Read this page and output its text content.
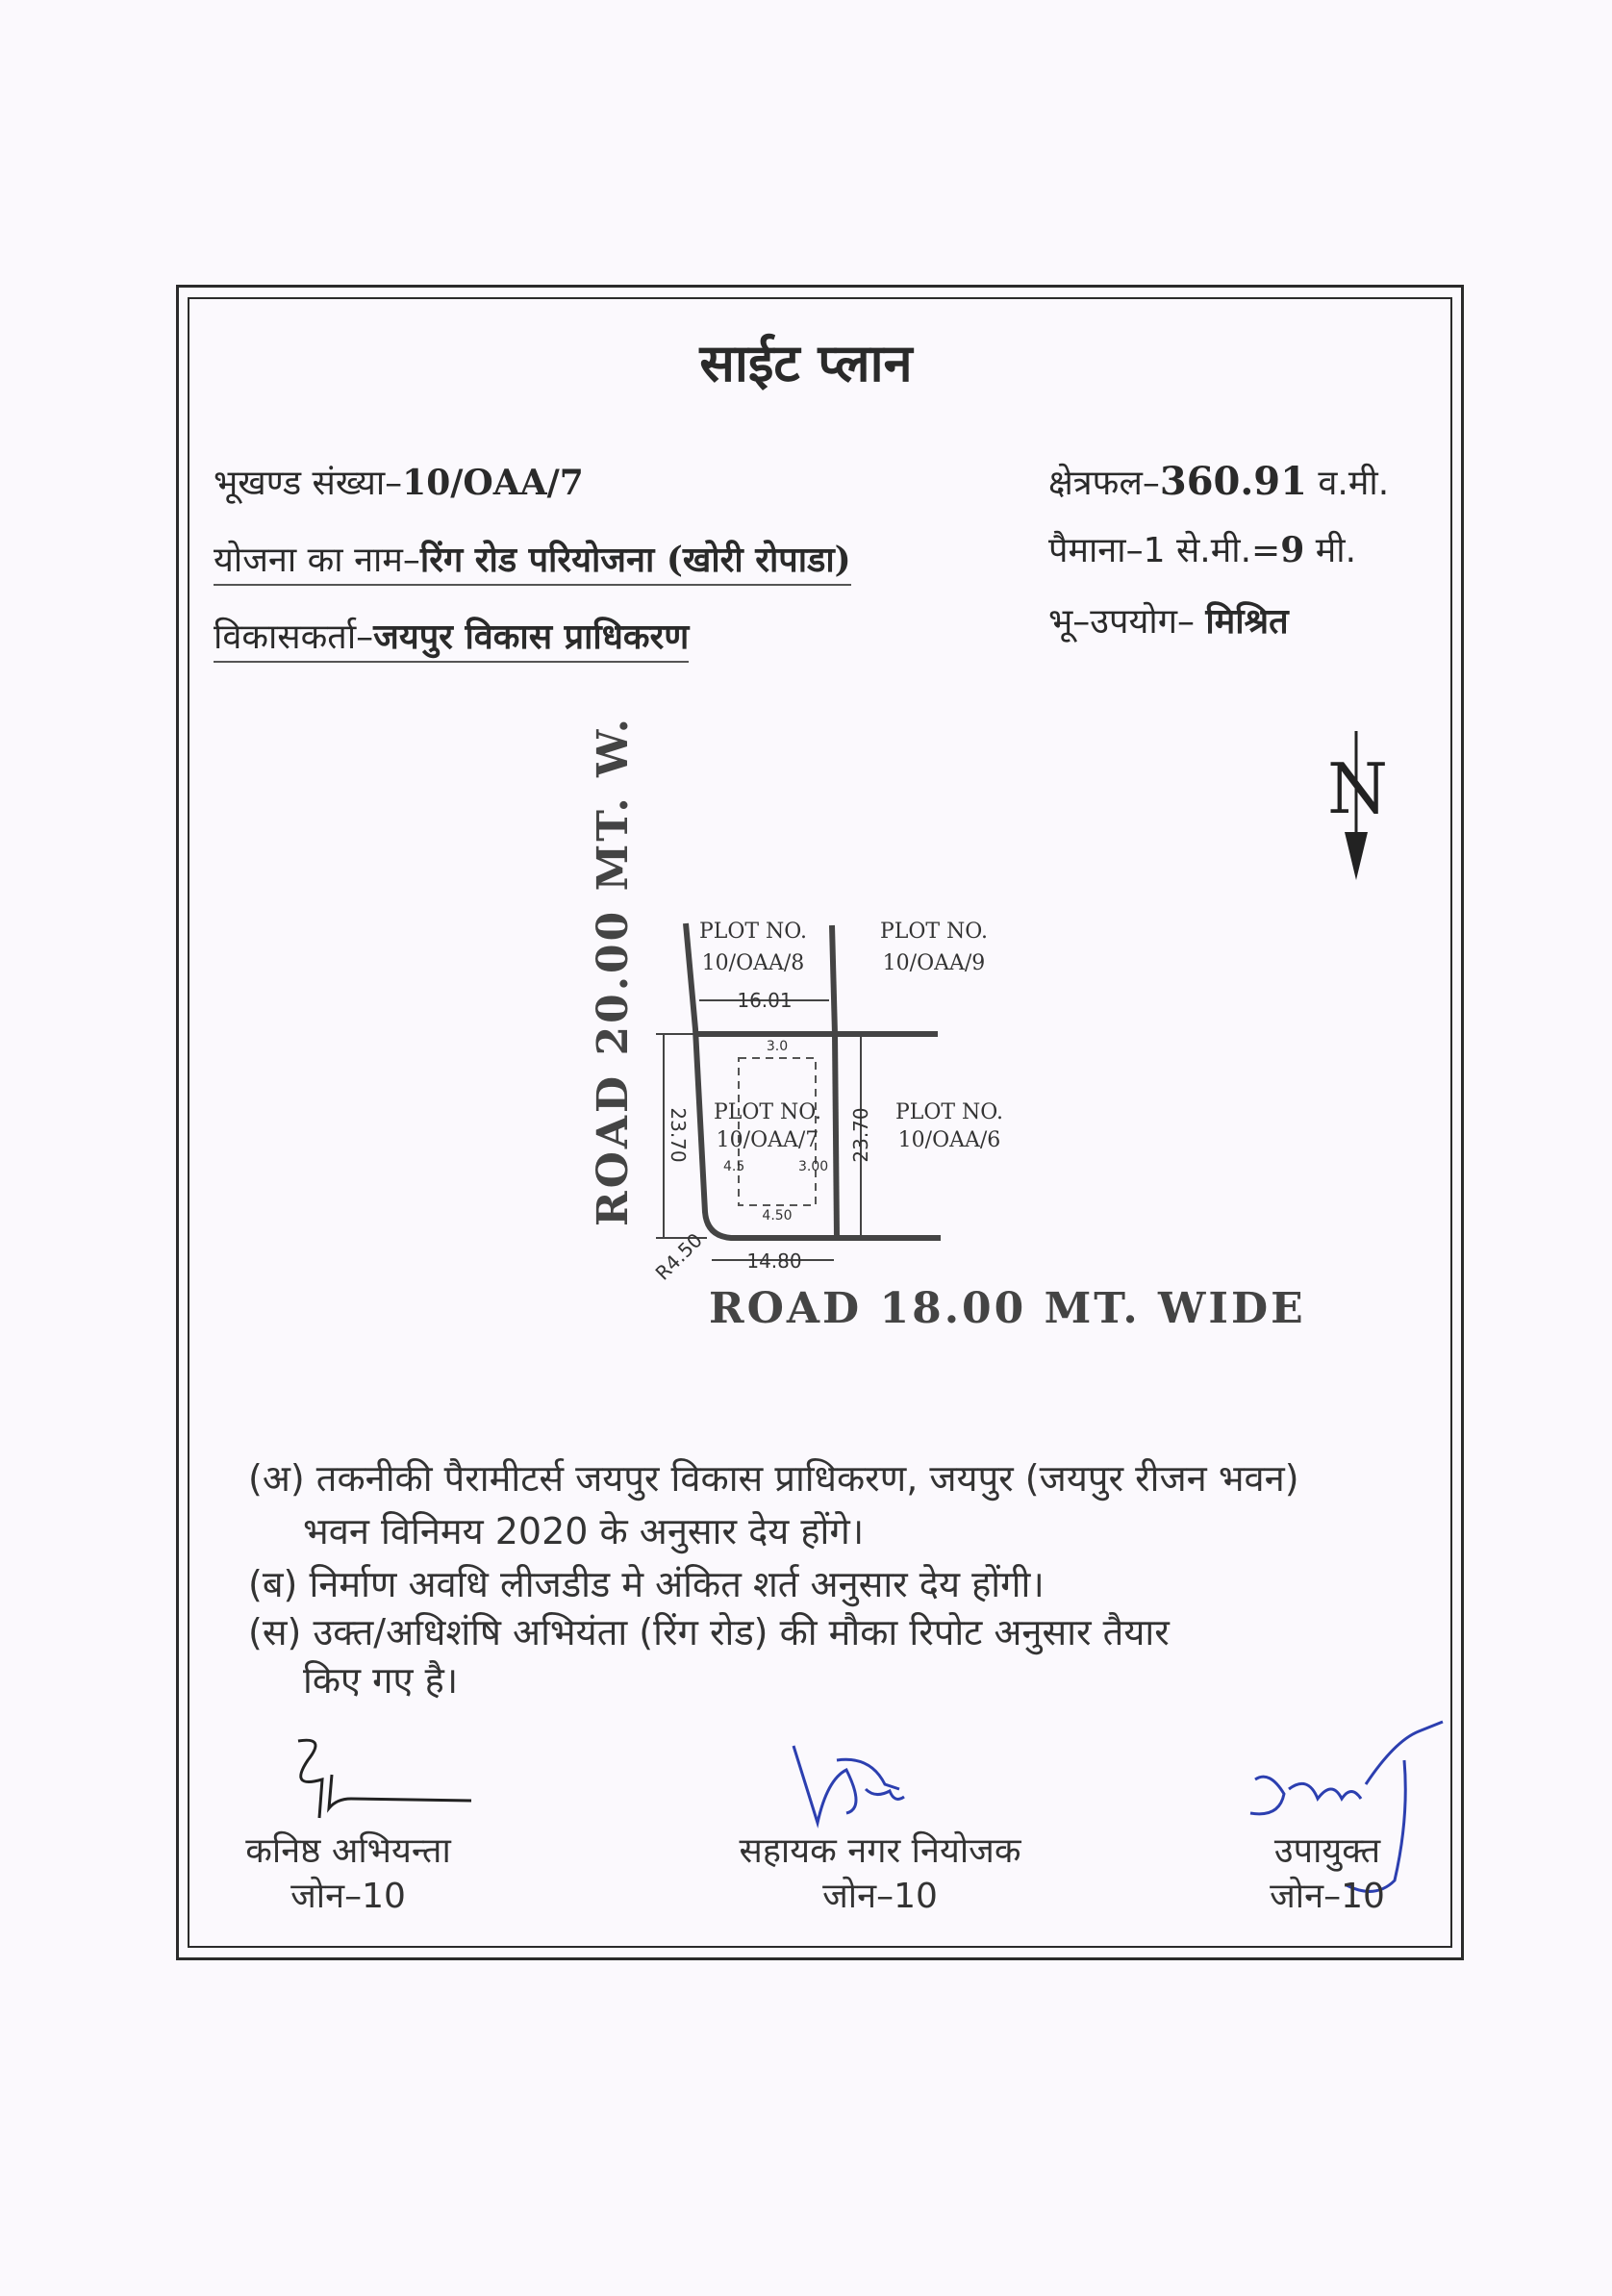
साईट प्लान
भूखण्ड संख्या–10/OAA/7
योजना का नाम–रिंग रोड परियोजना (खोरी रोपाडा)
विकासकर्ता–जयपुर विकास प्राधिकरण
क्षेत्रफल–360.91 व.मी.
पैमाना–1 से.मी.=9 मी.
भू–उपयोग– मिश्रित
N
ROAD 20.00 MT. W.	PLOT NO.
10/OAA/8
PLOT NO.
10/OAA/9
PLOT NO.
10/OAA/7
PLOT NO.
10/OAA/6
16.01
14.80
23.70	23.70
3.0
4.5	3.00
4.50
R4.50
ROAD 18.00 MT. WIDE
(अ) तकनीकी पैरामीटर्स जयपुर विकास प्राधिकरण, जयपुर (जयपुर रीजन भवन)
भवन विनिमय 2020 के अनुसार देय होंगे।
(ब) निर्माण अवधि लीजडीड मे अंकित शर्त अनुसार देय होंगी।
(स) उक्त/अधिशंषि अभियंता (रिंग रोड) की मौका रिपोट अनुसार तैयार
किए गए है।
कनिष्ठ अभियन्ता
जोन–10
सहायक नगर नियोजक
जोन–10
उपायुक्त
जोन–10
